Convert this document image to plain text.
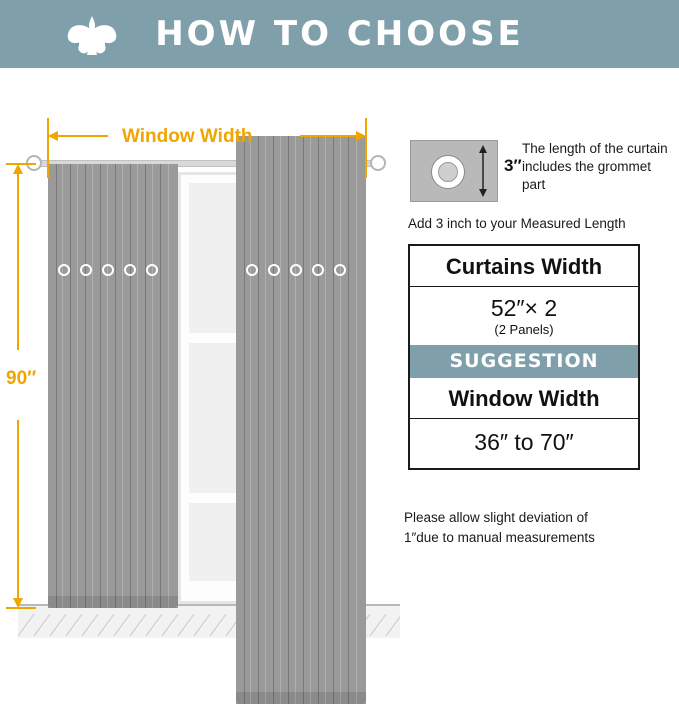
HOW TO CHOOSE
Window Width
90″
3″
The length of the curtain includes the grommet part
Add 3 inch to your Measured Length
Curtains Width
52″× 2
(2 Panels)
SUGGESTION
Window Width
36″ to 70″
Please allow slight deviation of
1″due to manual measurements
